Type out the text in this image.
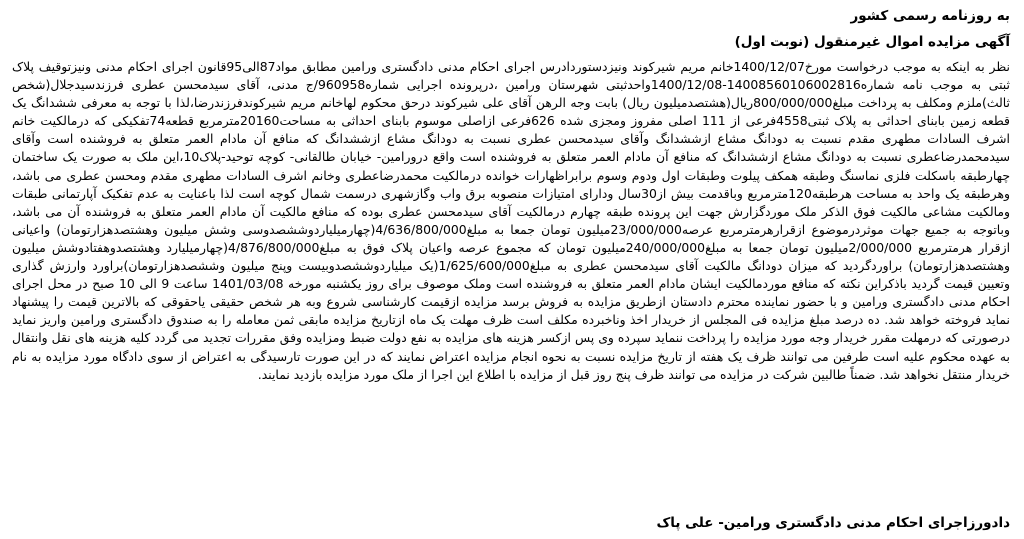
به روزنامه رسمی کشور
آگهی مزایده اموال غیرمنقول (نوبت اول)

نظر به اینکه به موجب درخواست مورخ1400/12/07خانم مریم شیرکوند ونیزدستوردادرس اجرای احکام مدنی دادگستری ورامین مطابق مواد87الی95قانون اجرای احکام مدنی ونیزتوقیف پلاک ثبتی به موجب نامه شماره14008560106002816-1400/12/08واحدثبتی شهرستان ورامین ،درپرونده اجرایی شماره960958/ج مدنی، آقای سیدمحسن عطری فرزندسیدجلال(شخص ثالث)ملزم ومکلف به پرداخت مبلغ800/000/000ریال(هشتصدمیلیون ریال) بابت وجه الرهن آقای علی شیرکوند درحق محکوم لهاخانم مریم شیرکوندفرزندرضا،لذا با توجه به معرفی ششدانگ یک قطعه زمین بابنای احداثی به پلاک ثبتی4558فرعی از 111 اصلی مفروز ومجزی شده 626فرعی ازاصلی موسوم بابنای احداثی به مساحت20160مترمربع قطعه74تفکیکی که درمالکیت خانم اشرف السادات مطهری مقدم نسبت به دودانگ مشاع ازششدانگ وآقای سیدمحسن عطری نسبت به دودانگ مشاع ازششدانگ که منافع آن مادام العمر متعلق به فروشنده است وآقای سیدمحمدرضاعطری نسبت به دودانگ مشاع ازششدانگ که منافع آن مادام العمر متعلق به فروشنده است واقع درورامین- خیابان طالقانی- کوچه توحید-پلاک10،این ملک به صورت یک ساختمان چهارطبقه باسکلت فلزی نماسنگ وطبقه همکف پیلوت وطبقات اول ودوم وسوم برابراظهارات خوانده درمالکیت محمدرضاعطری وخانم اشرف السادات مطهری مقدم ومحسن عطری می باشد، وهرطبقه یک واحد به مساحت هرطبقه120مترمربع وباقدمت بیش از30سال ودارای امتیازات منصوبه برق واب وگازشهری درسمت شمال کوچه است لذا باعنایت به عدم تفکیک آپارتمانی طبقات ومالکیت مشاعی مالکیت فوق الذکر ملک موردگزارش جهت این پرونده طبقه چهارم درمالکیت آقای سیدمحسن عطری بوده که منافع مالکیت آن مادام العمر متعلق به فروشنده آن می باشد، وباتوجه به جمیع جهات موثردرموضوع ازقرارهرمترمربع عرصه23/000/000میلیون تومان جمعا به مبلغ4/636/800/000(چهارمیلیاردوششصدوسی وشش میلیون وهشتصدهزارتومان) واعیانی ازقرار هرمترمربع 2/000/000میلیون تومان جمعا به مبلغ240/000/000میلیون تومان که مجموع عرصه واعیان پلاک فوق به مبلغ4/876/800/000(چهارمیلیارد وهشتصدوهفتادوشش میلیون وهشتصدهزارتومان) براوردگردید که میزان دودانگ مالکیت آقای سیدمحسن عطری به مبلغ1/625/600/000(یک میلیاردوششصدوبیست وپنج میلیون وششصدهزارتومان)براورد وارزش گذاری وتعیین قیمت گردید باذکراین نکته که منافع موردمالکیت ایشان مادام العمر متعلق به فروشنده است وملک موصوف برای روز یکشنبه مورخه 1401/03/08 ساعت 9 الی 10 صبح در محل اجرای احکام مدنی دادگستری ورامین و با حضور نماینده محترم دادستان ازطریق مزایده به فروش برسد مزایده ازقیمت کارشناسی شروع وبه هر شخص حقیقی یاحقوقی که بالاترین قیمت را پیشنهاد نماید فروخته خواهد شد. ده درصد مبلغ مزایده فی المجلس از خریدار اخذ وناخبرده مکلف است ظرف مهلت یک ماه ازتاریخ مزایده مابقی ثمن معامله را به صندوق دادگستری ورامین واریز نماید درصورتی که درمهلت مقرر خریدار وجه مورد مزایده را پرداخت ننماید سپرده وی پس ازکسر هزینه های مزایده به نفع دولت ضبط ومزایده وفق مقررات تجدید می گردد کلیه هزینه های نقل وانتقال به عهده محکوم علیه است طرفین می توانند ظرف یک هفته از تاریخ مزایده نسبت به نحوه انجام مزایده اعتراض نمایند که در این صورت تارسیدگی به اعتراض از سوی دادگاه مورد مزایده به نام خریدار منتقل نخواهد شد. ضمناً طالبین شرکت در مزایده می توانند ظرف پنج روز قبل از مزایده با اطلاع این اجرا از ملک مورد مزایده بازدید نمایند.

دادورزاجرای احکام مدنی دادگستری ورامین- علی پاک
